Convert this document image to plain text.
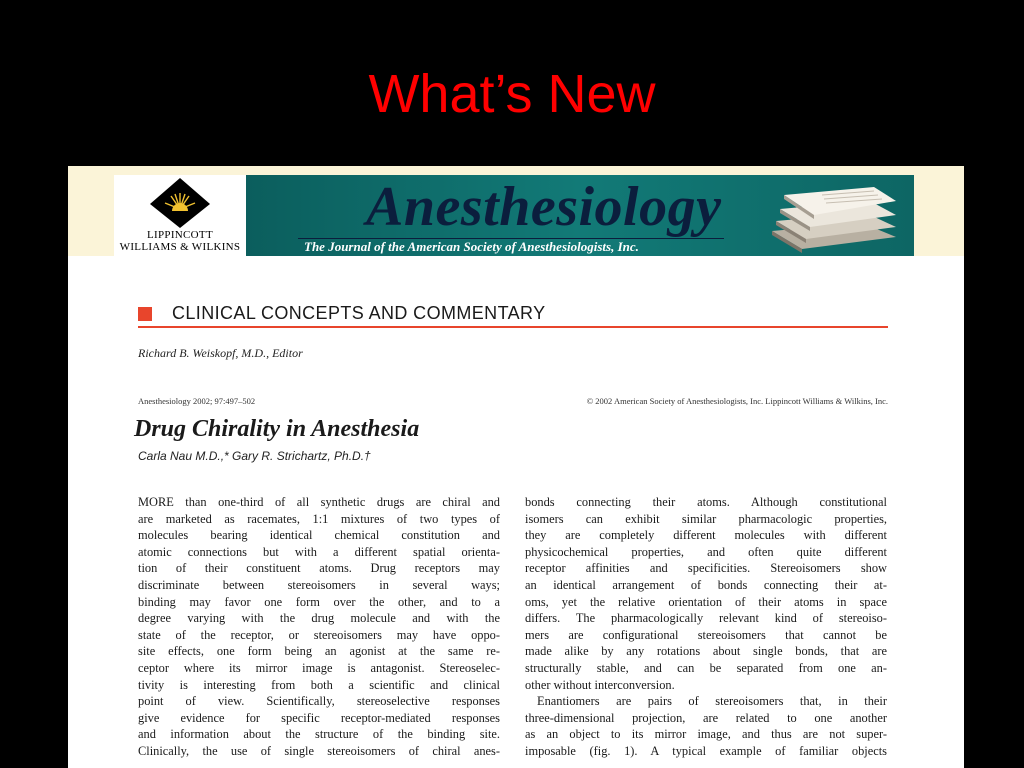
What’s New
LIPPINCOTT
WILLIAMS & WILKINS
Anesthesiology
The Journal of the American Society of Anesthesiologists, Inc.
CLINICAL CONCEPTS AND COMMENTARY
Richard B. Weiskopf, M.D., Editor
Anesthesiology 2002; 97:497–502	© 2002 American Society of Anesthesiologists, Inc. Lippincott Williams & Wilkins, Inc.
Drug Chirality in Anesthesia
Carla Nau M.D.,* Gary R. Strichartz, Ph.D.†
MORE than one-third of all synthetic drugs are chiral and
are marketed as racemates, 1:1 mixtures of two types of
molecules bearing identical chemical constitution and
atomic connections but with a different spatial orienta-
tion of their constituent atoms. Drug receptors may
discriminate between stereoisomers in several ways;
binding may favor one form over the other, and to a
degree varying with the drug molecule and with the
state of the receptor, or stereoisomers may have oppo-
site effects, one form being an agonist at the same re-
ceptor where its mirror image is antagonist. Stereoselec-
tivity is interesting from both a scientific and clinical
point of view. Scientifically, stereoselective responses
give evidence for specific receptor-mediated responses
and information about the structure of the binding site.
Clinically, the use of single stereoisomers of chiral anes-
bonds connecting their atoms. Although constitutional
isomers can exhibit similar pharmacologic properties,
they are completely different molecules with different
physicochemical properties, and often quite different
receptor affinities and specificities. Stereoisomers show
an identical arrangement of bonds connecting their at-
oms, yet the relative orientation of their atoms in space
differs. The pharmacologically relevant kind of stereoiso-
mers are configurational stereoisomers that cannot be
made alike by any rotations about single bonds, that are
structurally stable, and can be separated from one an-
other without interconversion.
Enantiomers are pairs of stereoisomers that, in their
three-dimensional projection, are related to one another
as an object to its mirror image, and thus are not super-
imposable (fig. 1). A typical example of familiar objects
